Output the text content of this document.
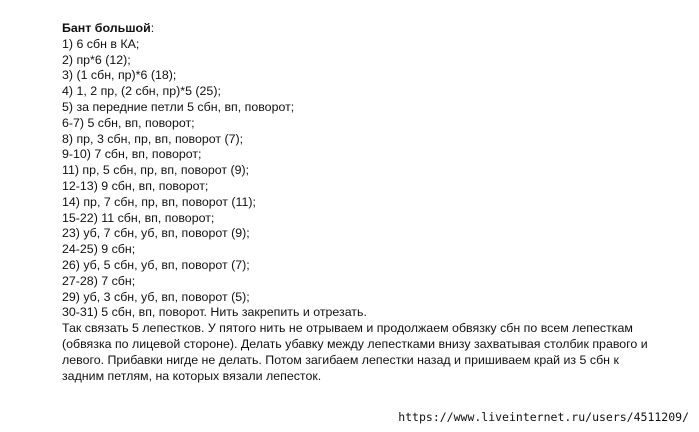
Бант большой:

1) 6 сбн в КА;
2) пр*6 (12);
3) (1 сбн, пр)*6 (18);
4) 1, 2 пр, (2 сбн, пр)*5 (25);
5) за передние петли 5 сбн, вп, поворот;
6-7) 5 сбн, вп, поворот;
8) пр, 3 сбн, пр, вп, поворот (7);
9-10) 7 сбн, вп, поворот;
11) пр, 5 сбн, пр, вп, поворот (9);
12-13) 9 сбн, вп, поворот;
14) пр, 7 сбн, пр, вп, поворот (11);
15-22) 11 сбн, вп, поворот;
23) уб, 7 сбн, уб, вп, поворот (9);
24-25) 9 сбн;
26) уб, 5 сбн, уб, вп, поворот (7);
27-28) 7 сбн;
29) уб, 3 сбн, уб, вп, поворот (5);
30-31) 5 сбн, вп, поворот. Нить закрепить и отрезать.

Так связать 5 лепестков. У пятого нить не отрываем и продолжаем обвязку сбн по всем лепесткам (обвязка по лицевой стороне). Делать убавку между лепестками внизу захватывая столбик правого и левого. Прибавки нигде не делать. Потом загибаем лепестки назад и пришиваем край из 5 сбн к задним петлям, на которых вязали лепесток.

https://www.liveinternet.ru/users/4511209/
